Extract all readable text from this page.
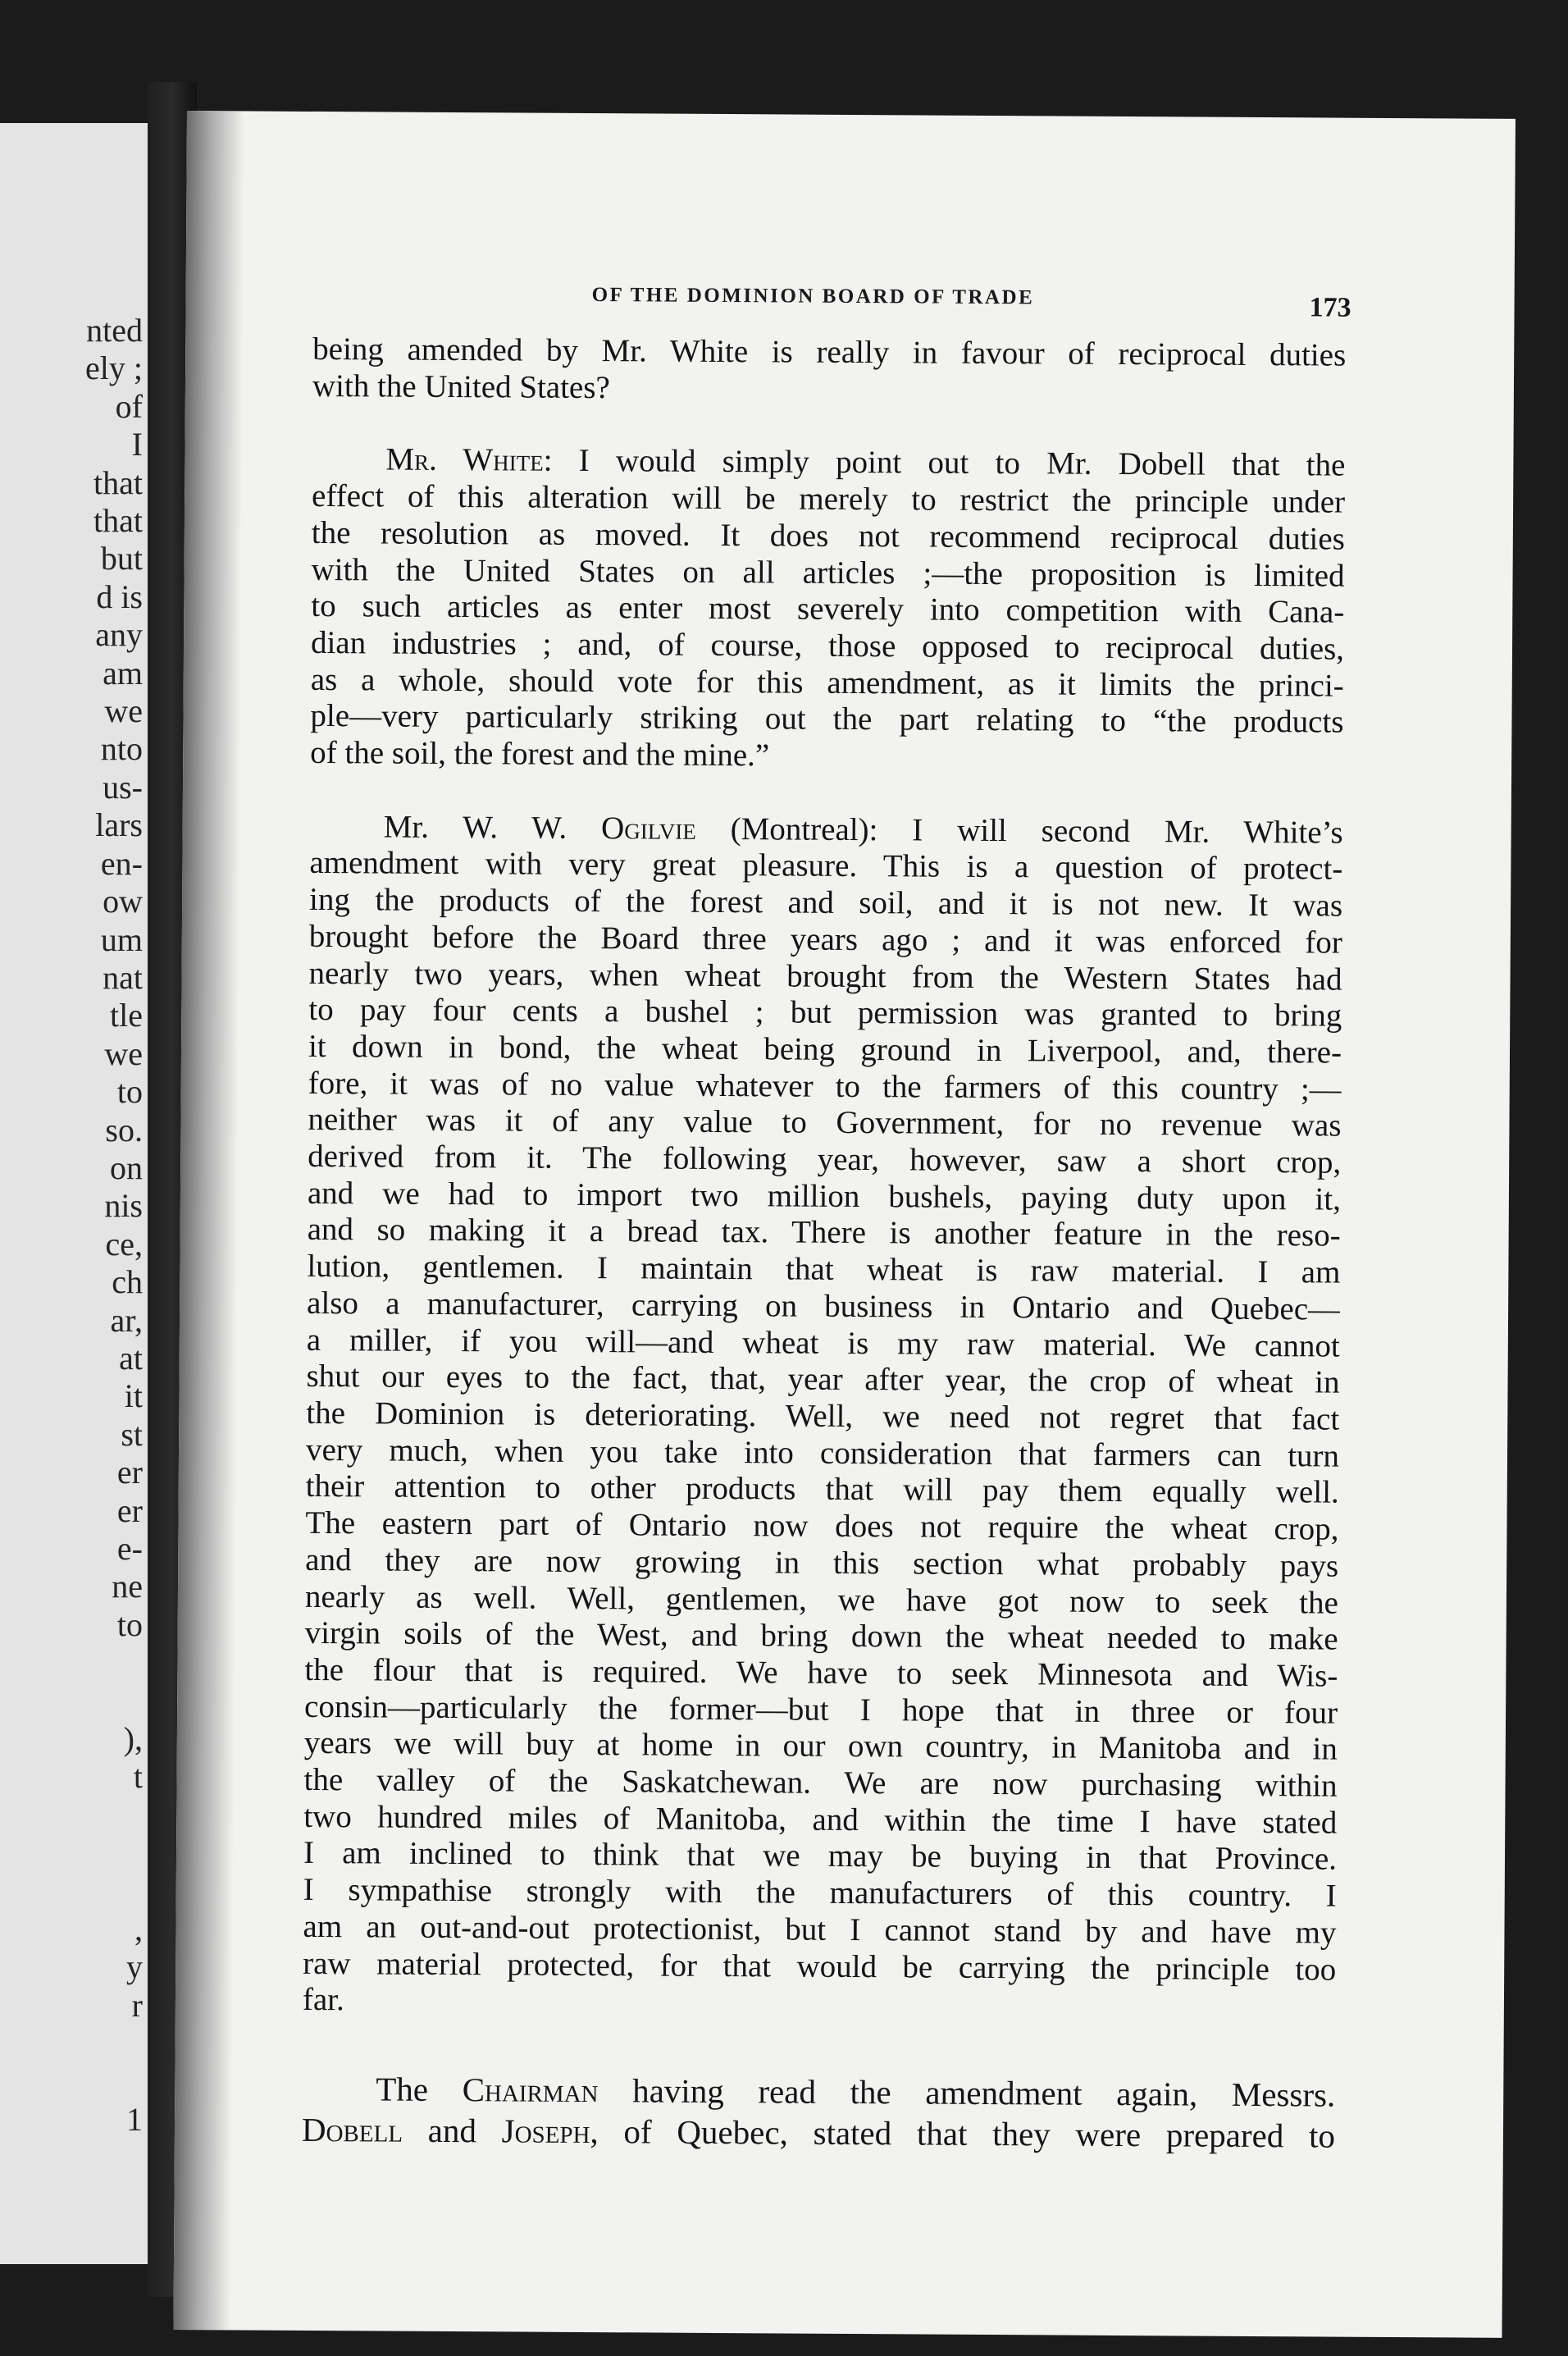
nted
ely ;
of
I
that
that
but
d is
any
am
we
nto
us-
lars
en-
ow
um
nat
tle
we
to
so.
on
nis
ce,
ch
ar,
at
it
st
er
er
e-
ne
to

),
t

,
y
r

1
OF THE DOMINION BOARD OF TRADE	173
being amended by Mr. White is really in favour of reciprocal duties
with the United States?
Mr. White: I would simply point out to Mr. Dobell that the
effect of this alteration will be merely to restrict the principle under
the resolution as moved. It does not recommend reciprocal duties
with the United States on all articles ;—the proposition is limited
to such articles as enter most severely into competition with Cana-
dian industries ; and, of course, those opposed to reciprocal duties,
as a whole, should vote for this amendment, as it limits the princi-
ple—very particularly striking out the part relating to “the products
of the soil, the forest and the mine.”
Mr. W. W. Ogilvie (Montreal): I will second Mr. White’s
amendment with very great pleasure. This is a question of protect-
ing the products of the forest and soil, and it is not new. It was
brought before the Board three years ago ; and it was enforced for
nearly two years, when wheat brought from the Western States had
to pay four cents a bushel ; but permission was granted to bring
it down in bond, the wheat being ground in Liverpool, and, there-
fore, it was of no value whatever to the farmers of this country ;—
neither was it of any value to Government, for no revenue was
derived from it. The following year, however, saw a short crop,
and we had to import two million bushels, paying duty upon it,
and so making it a bread tax. There is another feature in the reso-
lution, gentlemen. I maintain that wheat is raw material. I am
also a manufacturer, carrying on business in Ontario and Quebec—
a miller, if you will—and wheat is my raw material. We cannot
shut our eyes to the fact, that, year after year, the crop of wheat in
the Dominion is deteriorating. Well, we need not regret that fact
very much, when you take into consideration that farmers can turn
their attention to other products that will pay them equally well.
The eastern part of Ontario now does not require the wheat crop,
and they are now growing in this section what probably pays
nearly as well. Well, gentlemen, we have got now to seek the
virgin soils of the West, and bring down the wheat needed to make
the flour that is required. We have to seek Minnesota and Wis-
consin—particularly the former—but I hope that in three or four
years we will buy at home in our own country, in Manitoba and in
the valley of the Saskatchewan. We are now purchasing within
two hundred miles of Manitoba, and within the time I have stated
I am inclined to think that we may be buying in that Province.
I sympathise strongly with the manufacturers of this country. I
am an out-and-out protectionist, but I cannot stand by and have my
raw material protected, for that would be carrying the principle too
far.
The Chairman having read the amendment again, Messrs.
Dobell and Joseph, of Quebec, stated that they were prepared to
